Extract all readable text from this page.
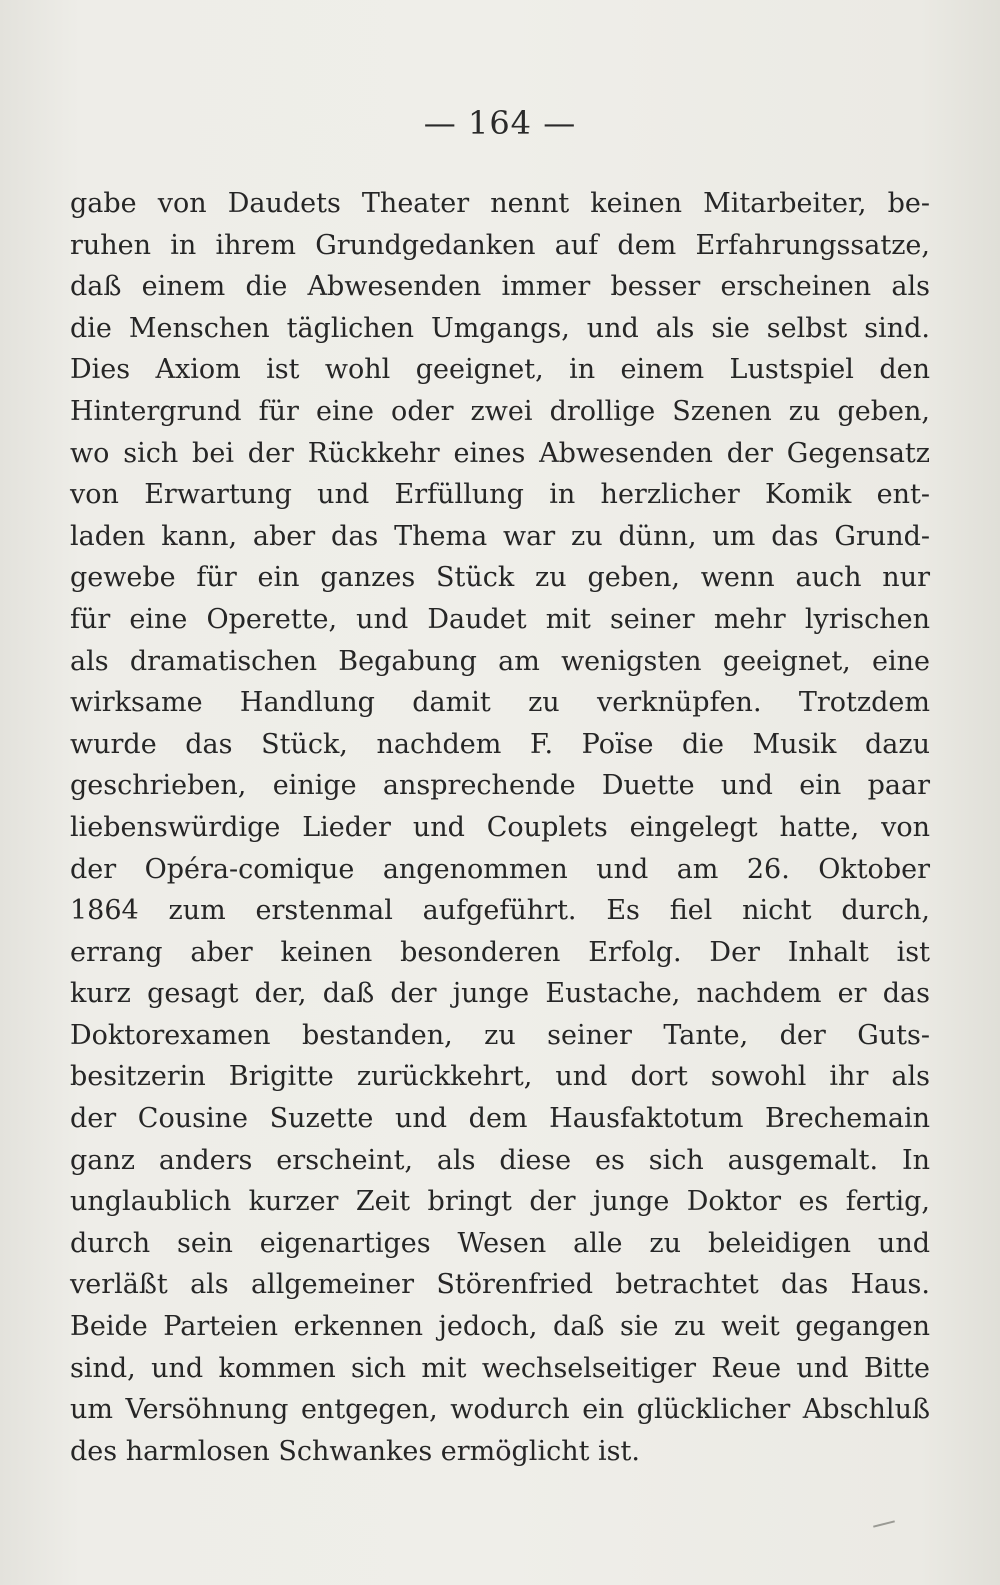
— 164 —
gabe von Daudets Theater nennt keinen Mitarbeiter, be-
ruhen in ihrem Grundgedanken auf dem Erfahrungssatze,
daß einem die Abwesenden immer besser erscheinen als
die Menschen täglichen Umgangs, und als sie selbst sind.
Dies Axiom ist wohl geeignet, in einem Lustspiel den
Hintergrund für eine oder zwei drollige Szenen zu geben,
wo sich bei der Rückkehr eines Abwesenden der Gegensatz
von Erwartung und Erfüllung in herzlicher Komik ent-
laden kann, aber das Thema war zu dünn, um das Grund-
gewebe für ein ganzes Stück zu geben, wenn auch nur
für eine Operette, und Daudet mit seiner mehr lyrischen
als dramatischen Begabung am wenigsten geeignet, eine
wirksame Handlung damit zu verknüpfen. Trotzdem
wurde das Stück, nachdem F. Poïse die Musik dazu
geschrieben, einige ansprechende Duette und ein paar
liebenswürdige Lieder und Couplets eingelegt hatte, von
der Opéra-comique angenommen und am 26. Oktober
1864 zum erstenmal aufgeführt. Es fiel nicht durch,
errang aber keinen besonderen Erfolg. Der Inhalt ist
kurz gesagt der, daß der junge Eustache, nachdem er das
Doktorexamen bestanden, zu seiner Tante, der Guts-
besitzerin Brigitte zurückkehrt, und dort sowohl ihr als
der Cousine Suzette und dem Hausfaktotum Brechemain
ganz anders erscheint, als diese es sich ausgemalt. In
unglaublich kurzer Zeit bringt der junge Doktor es fertig,
durch sein eigenartiges Wesen alle zu beleidigen und
verläßt als allgemeiner Störenfried betrachtet das Haus.
Beide Parteien erkennen jedoch, daß sie zu weit gegangen
sind, und kommen sich mit wechselseitiger Reue und Bitte
um Versöhnung entgegen, wodurch ein glücklicher Abschluß
des harmlosen Schwankes ermöglicht ist.
